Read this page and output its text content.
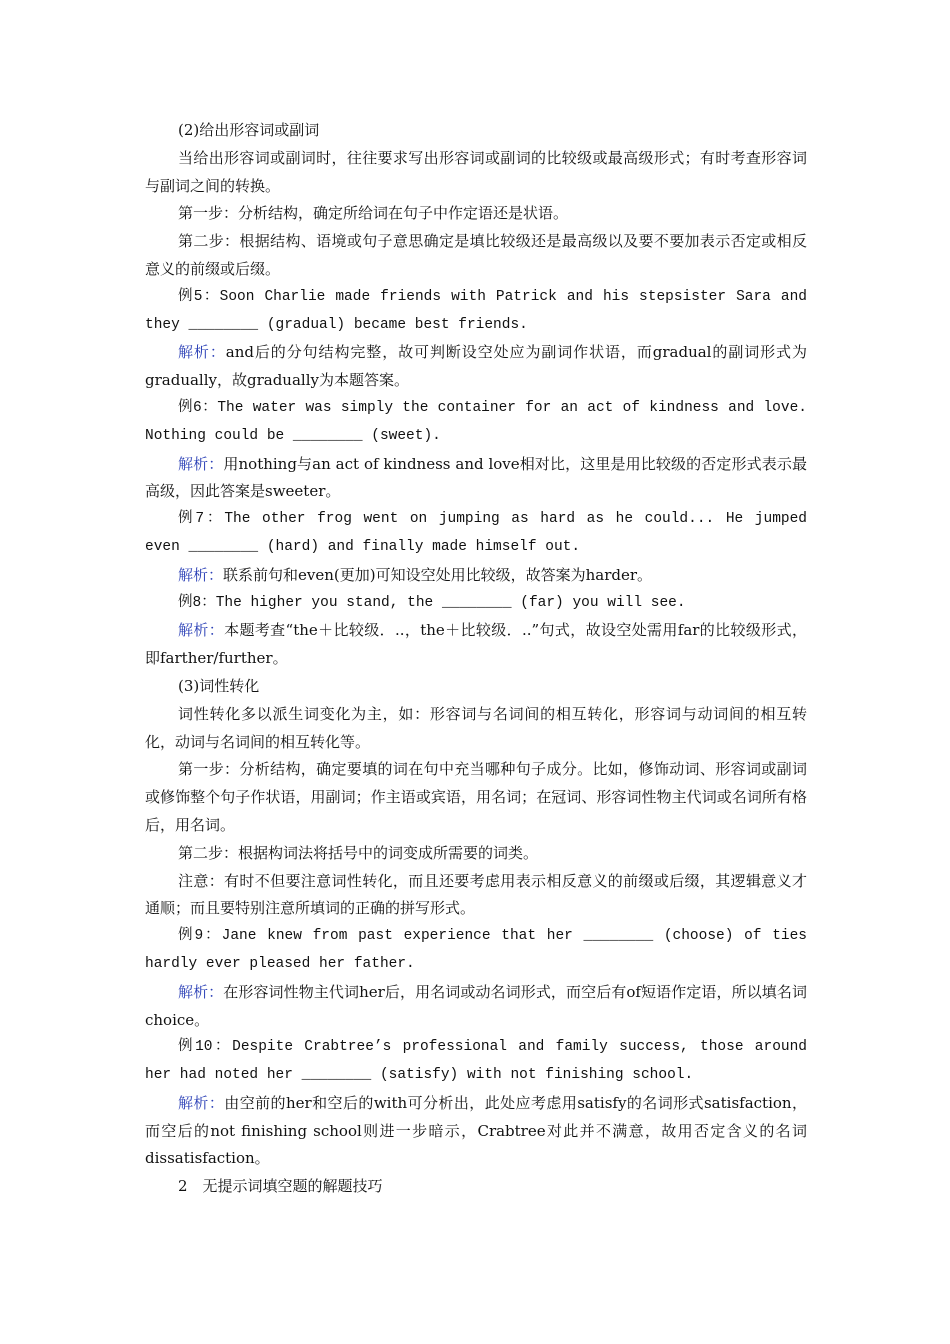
(2)给出形容词或副词

当给出形容词或副词时，往往要求写出形容词或副词的比较级或最高级形式；有时考查形容词与副词之间的转换。

第一步：分析结构，确定所给词在句子中作定语还是状语。

第二步：根据结构、语境或句子意思确定是填比较级还是最高级以及要不要加表示否定或相反意义的前缀或后缀。

例5：Soon Charlie made friends with Patrick and his stepsister Sara and they ________ (gradual) became best friends.

解析：and后的分句结构完整，故可判断设空处应为副词作状语，而gradual的副词形式为gradually，故gradually为本题答案。

例6：The water was simply the container for an act of kindness and love. Nothing could be ________ (sweet).

解析：用nothing与an act of kindness and love相对比，这里是用比较级的否定形式表示最高级，因此答案是sweeter。

例7：The other frog went on jumping as hard as he could... He jumped even ________ (hard) and finally made himself out.

解析：联系前句和even(更加)可知设空处用比较级，故答案为harder。

例8：The higher you stand, the ________ (far) you will see.

解析：本题考查“the＋比较级．..，the＋比较级．..”句式，故设空处需用far的比较级形式，即farther/further。

(3)词性转化

词性转化多以派生词变化为主，如：形容词与名词间的相互转化，形容词与动词间的相互转化，动词与名词间的相互转化等。

第一步：分析结构，确定要填的词在句中充当哪种句子成分。比如，修饰动词、形容词或副词或修饰整个句子作状语，用副词；作主语或宾语，用名词；在冠词、形容词性物主代词或名词所有格后，用名词。

第二步：根据构词法将括号中的词变成所需要的词类。

注意：有时不但要注意词性转化，而且还要考虑用表示相反意义的前缀或后缀，其逻辑意义才通顺；而且要特别注意所填词的正确的拼写形式。

例9：Jane knew from past experience that her ________ (choose) of ties hardly ever pleased her father.

解析：在形容词性物主代词her后，用名词或动名词形式，而空后有of短语作定语，所以填名词choice。

例10：Despite Crabtree’s professional and family success, those around her had noted her ________ (satisfy) with not finishing school.

解析：由空前的her和空后的with可分析出，此处应考虑用satisfy的名词形式satisfaction，而空后的not finishing school则进一步暗示，Crabtree对此并不满意，故用否定含义的名词dissatisfaction。

2　无提示词填空题的解题技巧
